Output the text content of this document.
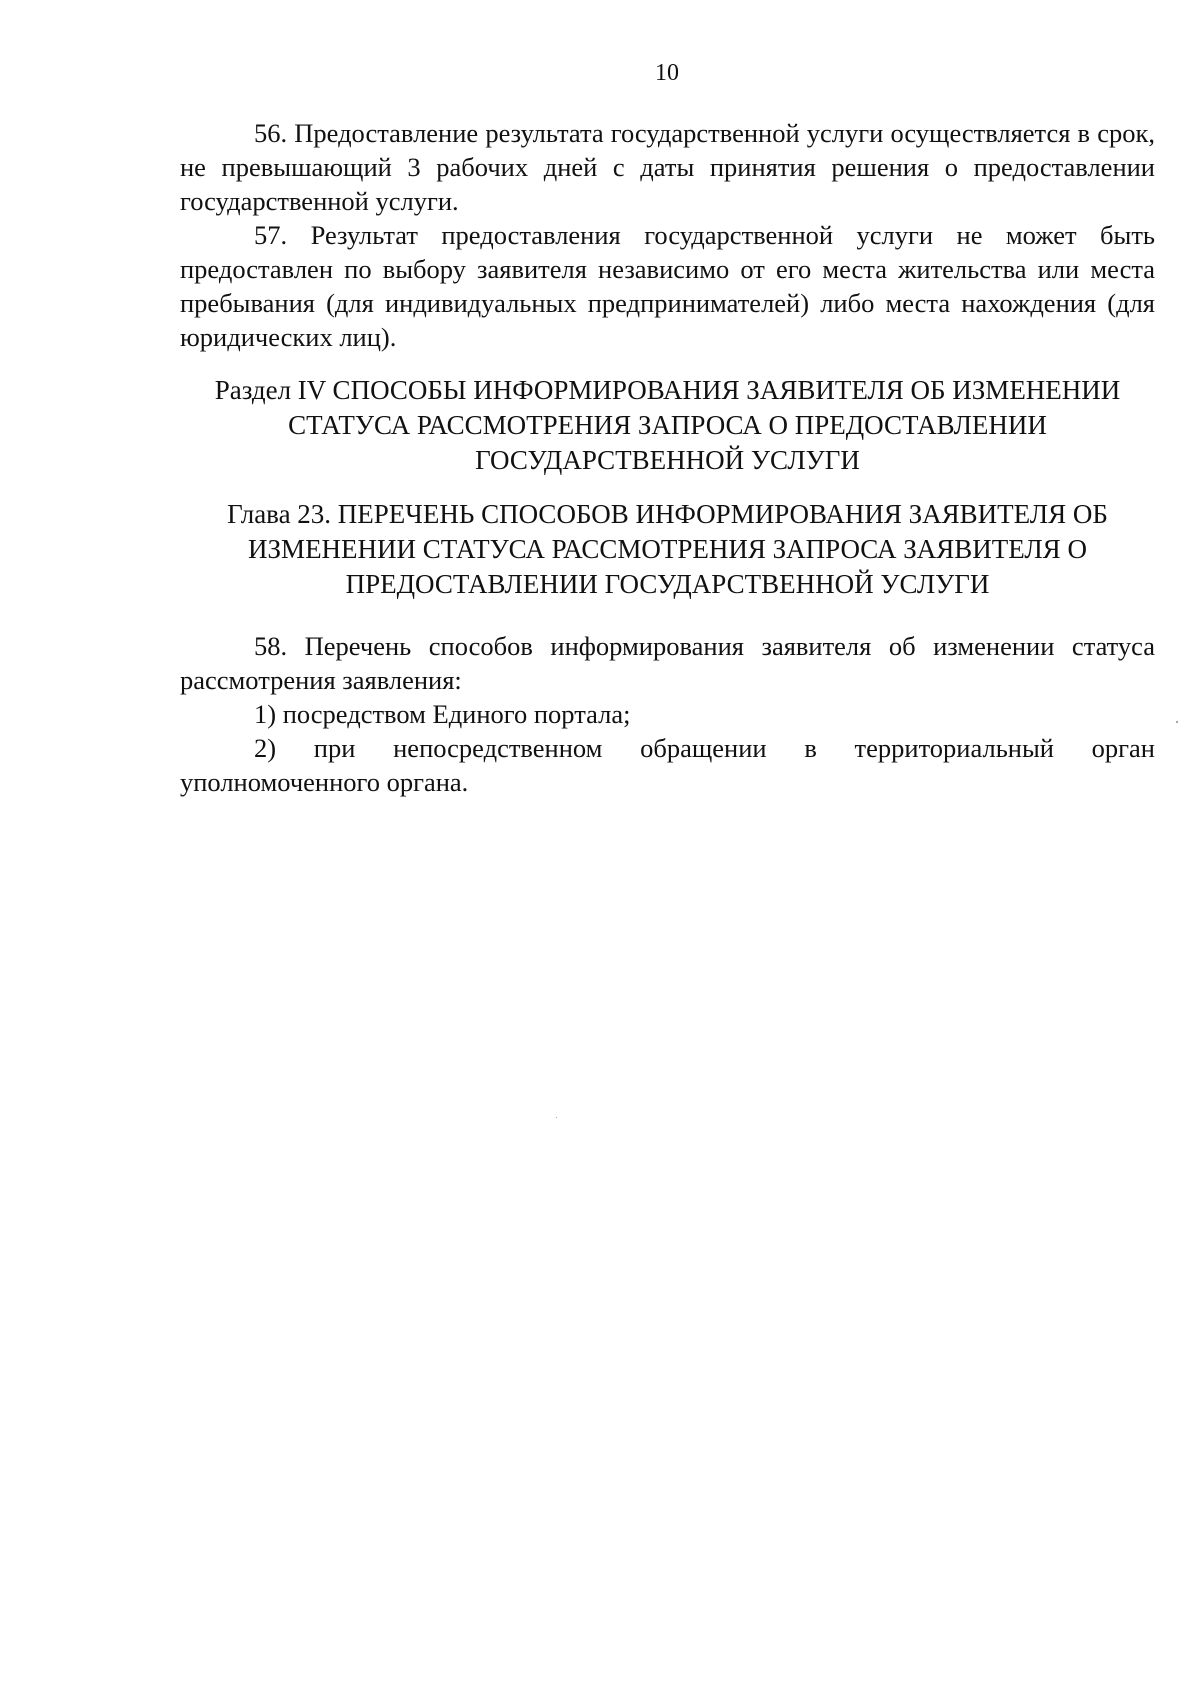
10

56. Предоставление результата государственной услуги осуществляется в срок, не превышающий 3 рабочих дней с даты принятия решения о предоставлении государственной услуги.

57. Результат предоставления государственной услуги не может быть предоставлен по выбору заявителя независимо от его места жительства или места пребывания (для индивидуальных предпринимателей) либо места нахождения (для юридических лиц).

Раздел IV СПОСОБЫ ИНФОРМИРОВАНИЯ ЗАЯВИТЕЛЯ ОБ ИЗМЕНЕНИИ СТАТУСА РАССМОТРЕНИЯ ЗАПРОСА О ПРЕДОСТАВЛЕНИИ ГОСУДАРСТВЕННОЙ УСЛУГИ
Глава 23. ПЕРЕЧЕНЬ СПОСОБОВ ИНФОРМИРОВАНИЯ ЗАЯВИТЕЛЯ ОБ ИЗМЕНЕНИИ СТАТУСА РАССМОТРЕНИЯ ЗАПРОСА ЗАЯВИТЕЛЯ О ПРЕДОСТАВЛЕНИИ ГОСУДАРСТВЕННОЙ УСЛУГИ

58. Перечень способов информирования заявителя об изменении статуса рассмотрения заявления:

1) посредством Единого портала;

2) при непосредственном обращении в территориальный орган уполномоченного органа.
